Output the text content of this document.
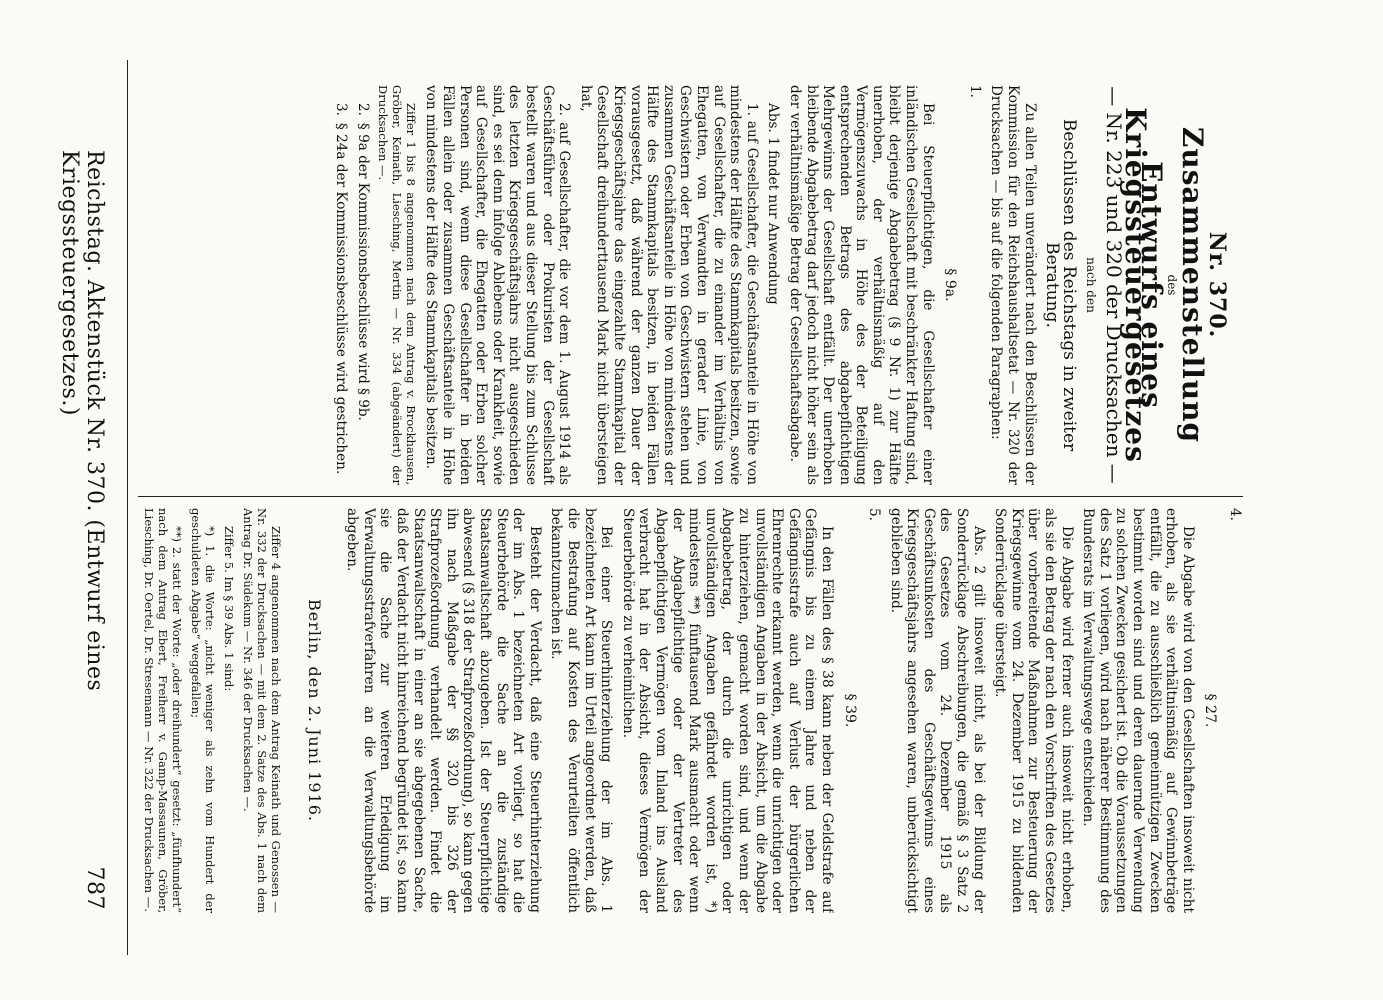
Reichstag. Aktenstück Nr. 370. (Entwurf eines Kriegssteuergesetzes.)
787
Nr. 370.
Zusammenstellung
des
Entwurfs eines Kriegssteuergesetzes
— Nr. 223 und 320 der Drucksachen —
nach den
Beschlüssen des Reichstags in zweiter Beratung.

Zu allen Teilen unverändert nach den Beschlüssen der Kommission für den Reichshaushaltsetat — Nr. 320 der Drucksachen — bis auf die folgenden Paragraphen:

1.
§ 9a.

Bei Steuerpflichtigen, die Gesellschafter einer inländischen Gesellschaft mit beschränkter Haftung sind, bleibt derjenige Abgabebetrag (§ 9 Nr. 1) zur Hälfte unerhoben, der verhältnismäßig auf den Vermögenszuwachs in Höhe des der Beteiligung entsprechenden Betrags des abgabepflichtigen Mehrgewinns der Gesellschaft entfällt. Der unerhoben bleibende Abgabebetrag darf jedoch nicht höher sein als der verhältnismäßige Betrag der Gesellschaftsabgabe.

Abs. 1 findet nur Anwendung

1. auf Gesellschafter, die Geschäftsanteile in Höhe von mindestens der Hälfte des Stammkapitals besitzen, sowie auf Gesellschafter, die zu einander im Verhältnis von Ehegatten, von Verwandten in gerader Linie, von Geschwistern oder Erben von Geschwistern stehen und zusammen Geschäftsanteile in Höhe von mindestens der Hälfte des Stammkapitals besitzen, in beiden Fällen vorausgesetzt, daß während der ganzen Dauer der Kriegsgeschäftsjahre das eingezahlte Stammkapital der Gesellschaft dreihunderttausend Mark nicht übersteigen hat,

2. auf Gesellschafter, die vor dem 1. August 1914 als Geschäftsführer oder Prokuristen der Gesellschaft bestellt waren und aus dieser Stellung bis zum Schlusse des letzten Kriegsgeschäftsjahrs nicht ausgeschieden sind, es sei denn infolge Ablebens oder Krankheit, sowie auf Gesellschafter, die Ehegatten oder Erben solcher Personen sind, wenn diese Gesellschafter in beiden Fällen allein oder zusammen Geschäftsanteile in Höhe von mindestens der Hälfte des Stammkapitals besitzen.

Ziffer 1 bis 8 angenommen nach dem Antrag v. Brockhausen, Gröber, Keinath, Liesching, Mertin — Nr. 334 (abgeändert) der Drucksachen —.

2.§ 9a der Kommissionsbeschlüsse wird § 9b.

3.§ 24a der Kommissionsbeschlüsse wird gestrichen.

4.
§ 27.

Die Abgabe wird von den Gesellschaften insoweit nicht erhoben, als sie verhältnismäßig auf Gewinnbeträge entfällt, die zu ausschließlich gemeinnützigen Zwecken bestimmt worden sind und deren dauernde Verwendung zu solchen Zwecken gesichert ist. Ob die Voraussetzungen des Satz 1 vorliegen, wird nach näherer Bestimmung des Bundesrats im Verwaltungswege entschieden.

Die Abgabe wird ferner auch insoweit nicht erhoben, als sie den Betrag der nach den Vorschriften des Gesetzes über vorbereitende Maßnahmen zur Besteuerung der Kriegsgewinne vom 24. Dezember 1915 zu bildenden Sonderrücklage übersteigt.

Abs. 2 gilt insoweit nicht, als bei der Bildung der Sonderrücklage Abschreibungen, die gemäß § 3 Satz 2 des Gesetzes vom 24. Dezember 1915 als Geschäftsunkosten des Geschäftsgewinns eines Kriegsgeschäftsjahrs angesehen waren, unberücksichtigt geblieben sind.

5.
§ 39.

In den Fällen des § 38 kann neben der Geldstrafe auf Gefängnis bis zu einem Jahre und neben der Gefängnisstrafe auch auf Verlust der bürgerlichen Ehrenrechte erkannt werden, wenn die unrichtigen oder unvollständigen Angaben in der Absicht, um die Abgabe zu hinterziehen, gemacht worden sind, und wenn der Abgabebetrag, der durch die unrichtigen oder unvollständigen Angaben gefährdet worden ist, *) mindestens **) fünftausend Mark ausmacht oder wenn der Abgabepflichtige oder der Vertreter des Abgabepflichtigen Vermögen vom Inland ins Ausland verbracht hat in der Absicht, dieses Vermögen der Steuerbehörde zu verheimlichen.

Bei einer Steuerhinterziehung der im Abs. 1 bezeichneten Art kann im Urteil angeordnet werden, daß die Bestrafung auf Kosten des Verurteilten öffentlich bekanntzumachen ist.

Besteht der Verdacht, daß eine Steuerhinterziehung der im Abs. 1 bezeichneten Art vorliegt, so hat die Steuerbehörde die Sache an die zuständige Staatsanwaltschaft abzugeben. Ist der Steuerpflichtige abwesend (§ 318 der Strafprozeßordnung), so kann gegen ihn nach Maßgabe der §§ 320 bis 326 der Strafprozeßordnung verhandelt werden. Findet die Staatsanwaltschaft in einer an sie abgegebenen Sache, daß der Verdacht nicht hinreichend begründet ist, so kann sie die Sache zur weiteren Erledigung im Verwaltungsstrafverfahren an die Verwaltungsbehörde abgeben.

Berlin, den 2. Juni 1916.

Ziffer 4 angenommen nach dem Antrag Keinath und Genossen — Nr. 332 der Drucksachen — mit dem 2. Satze des Abs. 1 nach dem Antrag Dr. Südekum — Nr. 346 der Drucksachen —.

Ziffer 5. Im § 39 Abs. 1 sind:

*) 1. die Worte: „nicht weniger als zehn vom Hundert der geschuldeten Abgabe“ weggefallen;

**) 2. statt der Worte: „oder dreihundert“ gesetzt: „fünfhundert“ nach dem Antrag Ebert, Freiherr v. Gamp-Massaunen, Gröber, Liesching, Dr. Oertel, Dr. Stresemann — Nr. 322 der Drucksachen —.
